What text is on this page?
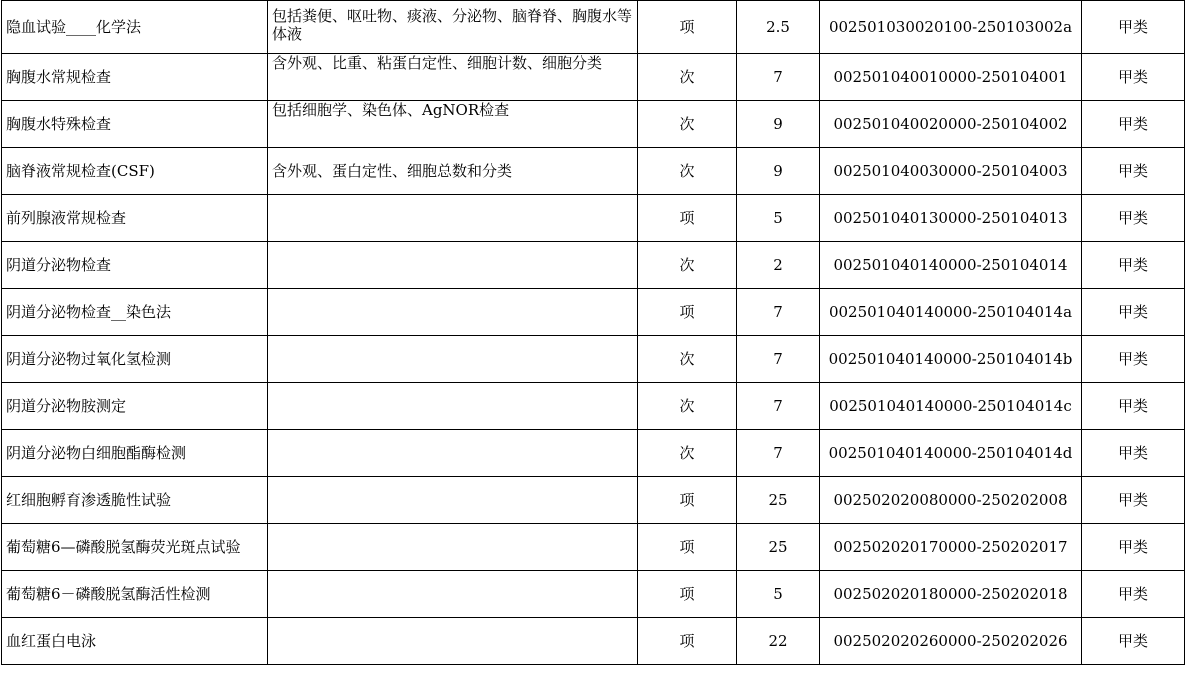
隐血试验____化学法	包括粪便、呕吐物、痰液、分泌物、脑脊脊、胸腹水等体液	项	2.5	002501030020100-250103002a	甲类
胸腹水常规检查	含外观、比重、粘蛋白定性、细胞计数、细胞分类	次	7	002501040010000-250104001	甲类
胸腹水特殊检查	包括细胞学、染色体、AgNOR检查	次	9	002501040020000-250104002	甲类
脑脊液常规检查(CSF)	含外观、蛋白定性、细胞总数和分类	次	9	002501040030000-250104003	甲类
前列腺液常规检查		项	5	002501040130000-250104013	甲类
阴道分泌物检查		次	2	002501040140000-250104014	甲类
阴道分泌物检查__染色法		项	7	002501040140000-250104014a	甲类
阴道分泌物过氧化氢检测		次	7	002501040140000-250104014b	甲类
阴道分泌物胺测定		次	7	002501040140000-250104014c	甲类
阴道分泌物白细胞酯酶检测		次	7	002501040140000-250104014d	甲类
红细胞孵育渗透脆性试验		项	25	002502020080000-250202008	甲类
葡萄糖6—磷酸脱氢酶荧光斑点试验		项	25	002502020170000-250202017	甲类
葡萄糖6－磷酸脱氢酶活性检测		项	5	002502020180000-250202018	甲类
血红蛋白电泳		项	22	002502020260000-250202026	甲类
